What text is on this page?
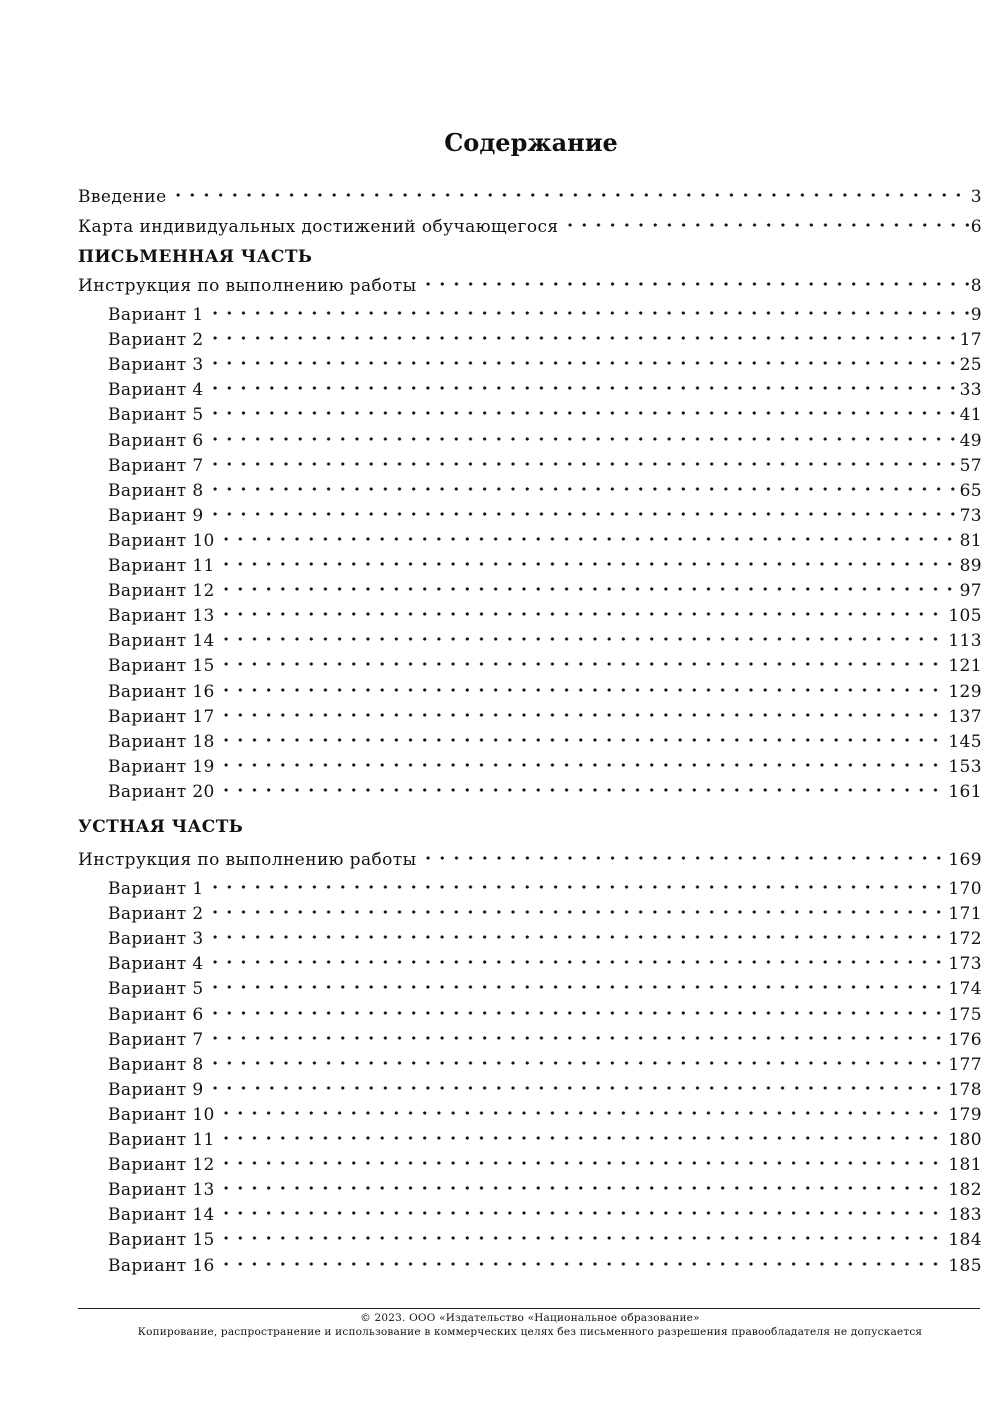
Содержание
Введение	3
Карта индивидуальных достижений обучающегося	6
ПИСЬМЕННАЯ ЧАСТЬ
Инструкция по выполнению работы	8
Вариант 1	9
Вариант 2	17
Вариант 3	25
Вариант 4	33
Вариант 5	41
Вариант 6	49
Вариант 7	57
Вариант 8	65
Вариант 9	73
Вариант 10	81
Вариант 11	89
Вариант 12	97
Вариант 13	105
Вариант 14	113
Вариант 15	121
Вариант 16	129
Вариант 17	137
Вариант 18	145
Вариант 19	153
Вариант 20	161
УСТНАЯ ЧАСТЬ
Инструкция по выполнению работы	169
Вариант 1	170
Вариант 2	171
Вариант 3	172
Вариант 4	173
Вариант 5	174
Вариант 6	175
Вариант 7	176
Вариант 8	177
Вариант 9	178
Вариант 10	179
Вариант 11	180
Вариант 12	181
Вариант 13	182
Вариант 14	183
Вариант 15	184
Вариант 16	185
© 2023. ООО «Издательство «Национальное образование»
Копирование, распространение и использование в коммерческих целях без письменного разрешения правообладателя не допускается
